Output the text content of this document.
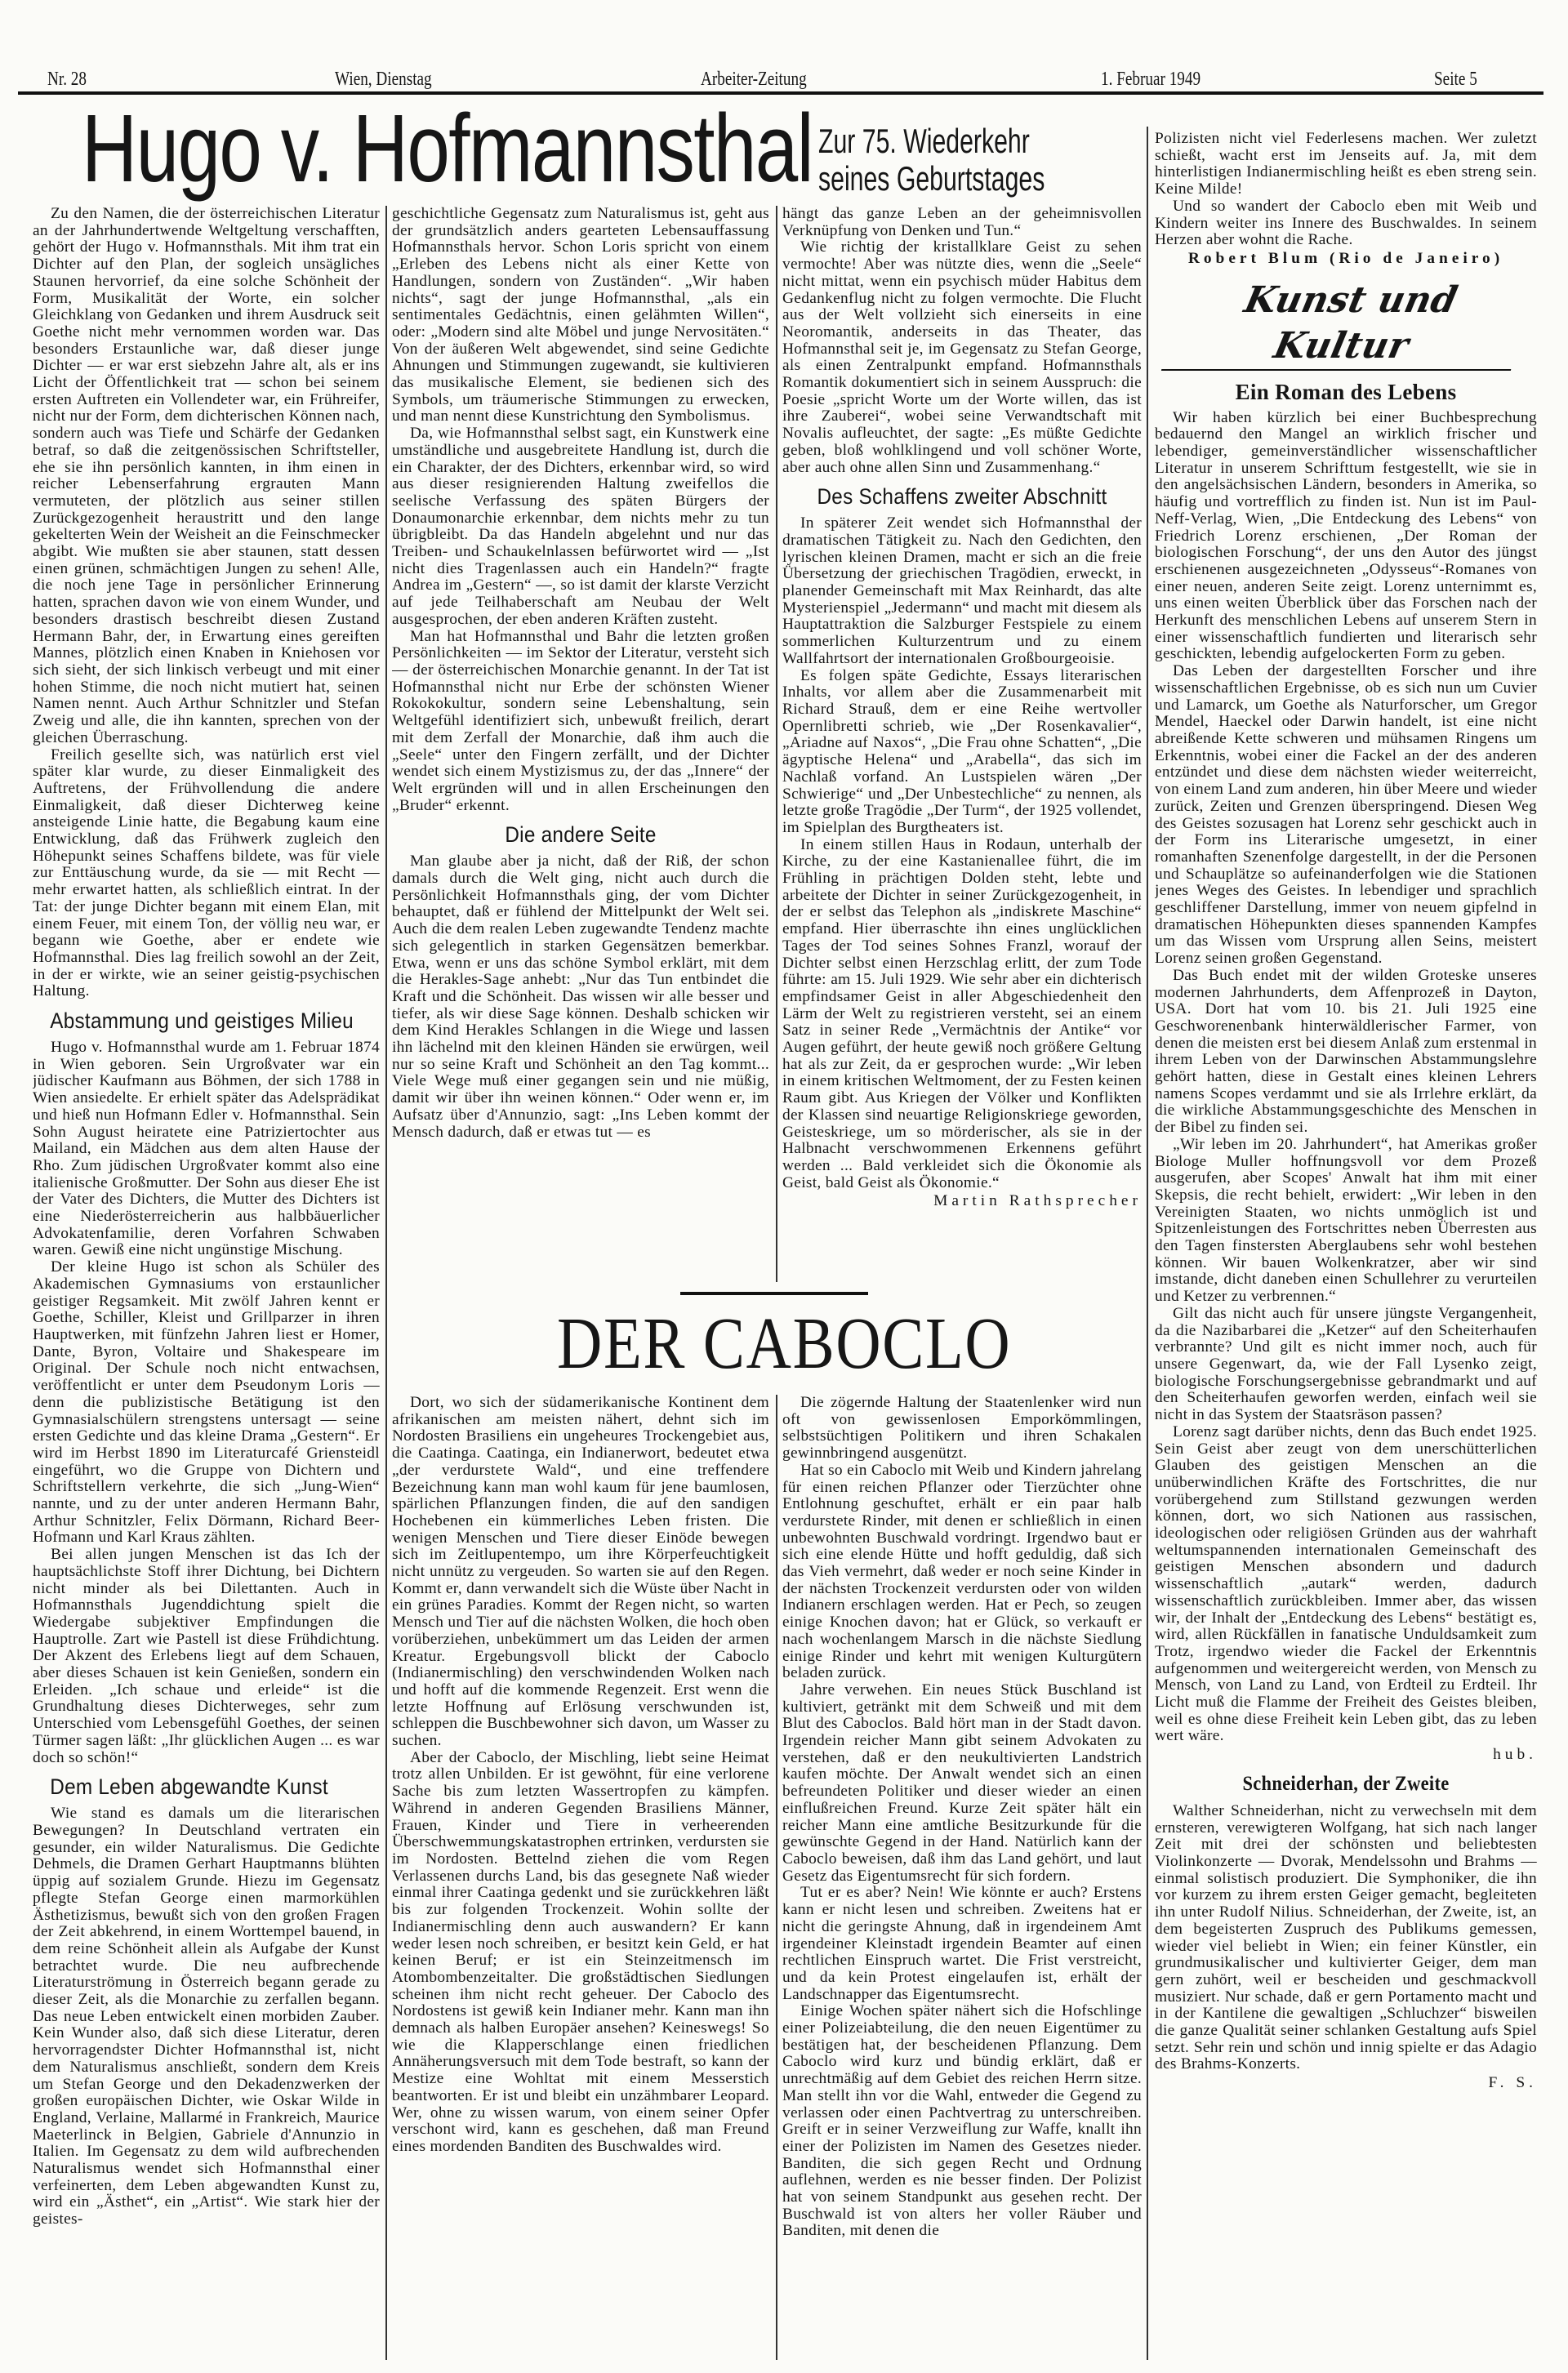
Nr. 28	Wien, Dienstag	Arbeiter-Zeitung	1. Februar 1949	Seite 5
Hugo v. Hofmannsthal Zur 75. Wiederkehr
seines Geburtstages

Zu den Namen, die der österreichischen Literatur an der Jahrhundertwende Weltgeltung verschafften, gehört der Hugo v. Hofmannsthals. Mit ihm trat ein Dichter auf den Plan, der sogleich unsägliches Staunen hervorrief, da eine solche Schönheit der Form, Musikalität der Worte, ein solcher Gleichklang von Gedanken und ihrem Ausdruck seit Goethe nicht mehr vernommen worden war. Das besonders Erstaunliche war, daß dieser junge Dichter — er war erst siebzehn Jahre alt, als er ins Licht der Öffentlichkeit trat — schon bei seinem ersten Auftreten ein Vollendeter war, ein Frühreifer, nicht nur der Form, dem dichterischen Können nach, sondern auch was Tiefe und Schärfe der Gedanken betraf, so daß die zeitgenössischen Schriftsteller, ehe sie ihn persönlich kannten, in ihm einen in reicher Lebenserfahrung ergrauten Mann vermuteten, der plötzlich aus seiner stillen Zurückgezogenheit heraustritt und den lange gekelterten Wein der Weisheit an die Feinschmecker abgibt. Wie mußten sie aber staunen, statt dessen einen grünen, schmächtigen Jungen zu sehen! Alle, die noch jene Tage in persönlicher Erinnerung hatten, sprachen davon wie von einem Wunder, und besonders drastisch beschreibt diesen Zustand Hermann Bahr, der, in Erwartung eines gereiften Mannes, plötzlich einen Knaben in Kniehosen vor sich sieht, der sich linkisch verbeugt und mit einer hohen Stimme, die noch nicht mutiert hat, seinen Namen nennt. Auch Arthur Schnitzler und Stefan Zweig und alle, die ihn kannten, sprechen von der gleichen Überraschung.

Freilich gesellte sich, was natürlich erst viel später klar wurde, zu dieser Einmaligkeit des Auftretens, der Frühvollendung die andere Einmaligkeit, daß dieser Dichterweg keine ansteigende Linie hatte, die Begabung kaum eine Entwicklung, daß das Frühwerk zugleich den Höhepunkt seines Schaffens bildete, was für viele zur Enttäuschung wurde, da sie — mit Recht — mehr erwartet hatten, als schließlich eintrat. In der Tat: der junge Dichter begann mit einem Elan, mit einem Feuer, mit einem Ton, der völlig neu war, er begann wie Goethe, aber er endete wie Hofmannsthal. Dies lag freilich sowohl an der Zeit, in der er wirkte, wie an seiner geistig-psychischen Haltung.

Abstammung und geistiges Milieu

Hugo v. Hofmannsthal wurde am 1. Februar 1874 in Wien geboren. Sein Urgroßvater war ein jüdischer Kaufmann aus Böhmen, der sich 1788 in Wien ansiedelte. Er erhielt später das Adelsprädikat und hieß nun Hofmann Edler v. Hofmannsthal. Sein Sohn August heiratete eine Patriziertochter aus Mailand, ein Mädchen aus dem alten Hause der Rho. Zum jüdischen Urgroßvater kommt also eine italienische Großmutter. Der Sohn aus dieser Ehe ist der Vater des Dichters, die Mutter des Dichters ist eine Niederösterreicherin aus halbbäuerlicher Advokatenfamilie, deren Vorfahren Schwaben waren. Gewiß eine nicht ungünstige Mischung.

Der kleine Hugo ist schon als Schüler des Akademischen Gymnasiums von erstaunlicher geistiger Regsamkeit. Mit zwölf Jahren kennt er Goethe, Schiller, Kleist und Grillparzer in ihren Hauptwerken, mit fünfzehn Jahren liest er Homer, Dante, Byron, Voltaire und Shakespeare im Original. Der Schule noch nicht entwachsen, veröffentlicht er unter dem Pseudonym Loris — denn die publizistische Betätigung ist den Gymnasialschülern strengstens untersagt — seine ersten Gedichte und das kleine Drama „Gestern“. Er wird im Herbst 1890 im Literaturcafé Griensteidl eingeführt, wo die Gruppe von Dichtern und Schriftstellern verkehrte, die sich „Jung-Wien“ nannte, und zu der unter anderen Hermann Bahr, Arthur Schnitzler, Felix Dörmann, Richard Beer-Hofmann und Karl Kraus zählten.

Bei allen jungen Menschen ist das Ich der hauptsächlichste Stoff ihrer Dichtung, bei Dichtern nicht minder als bei Dilettanten. Auch in Hofmannsthals Jugenddichtung spielt die Wiedergabe subjektiver Empfindungen die Hauptrolle. Zart wie Pastell ist diese Frühdichtung. Der Akzent des Erlebens liegt auf dem Schauen, aber dieses Schauen ist kein Genießen, sondern ein Erleiden. „Ich schaue und erleide“ ist die Grundhaltung dieses Dichterweges, sehr zum Unterschied vom Lebensgefühl Goethes, der seinen Türmer sagen läßt: „Ihr glücklichen Augen ... es war doch so schön!“

Dem Leben abgewandte Kunst

Wie stand es damals um die literarischen Bewegungen? In Deutschland vertraten ein gesunder, ein wilder Naturalismus. Die Gedichte Dehmels, die Dramen Gerhart Hauptmanns blühten üppig auf sozialem Grunde. Hiezu im Gegensatz pflegte Stefan George einen marmorkühlen Ästhetizismus, bewußt sich von den großen Fragen der Zeit abkehrend, in einem Worttempel bauend, in dem reine Schönheit allein als Aufgabe der Kunst betrachtet wurde. Die neu aufbrechende Literaturströmung in Österreich begann gerade zu dieser Zeit, als die Monarchie zu zerfallen begann. Das neue Leben entwickelt einen morbiden Zauber. Kein Wunder also, daß sich diese Literatur, deren hervorragendster Dichter Hofmannsthal ist, nicht dem Naturalismus anschließt, sondern dem Kreis um Stefan George und den Dekadenzwerken der großen europäischen Dichter, wie Oskar Wilde in England, Verlaine, Mallarmé in Frankreich, Maurice Maeterlinck in Belgien, Gabriele d'Annunzio in Italien. Im Gegensatz zu dem wild aufbrechenden Naturalismus wendet sich Hofmannsthal einer verfeinerten, dem Leben abgewandten Kunst zu, wird ein „Ästhet“, ein „Artist“. Wie stark hier der geistes-

geschichtliche Gegensatz zum Naturalismus ist, geht aus der grundsätzlich anders gearteten Lebensauffassung Hofmannsthals hervor. Schon Loris spricht von einem „Erleben des Lebens nicht als einer Kette von Handlungen, sondern von Zuständen“. „Wir haben nichts“, sagt der junge Hofmannsthal, „als ein sentimentales Gedächtnis, einen gelähmten Willen“, oder: „Modern sind alte Möbel und junge Nervositäten.“ Von der äußeren Welt abgewendet, sind seine Gedichte Ahnungen und Stimmungen zugewandt, sie kultivieren das musikalische Element, sie bedienen sich des Symbols, um träumerische Stimmungen zu erwecken, und man nennt diese Kunstrichtung den Symbolismus.

Da, wie Hofmannsthal selbst sagt, ein Kunstwerk eine umständliche und ausgebreitete Handlung ist, durch die ein Charakter, der des Dichters, erkennbar wird, so wird aus dieser resignierenden Haltung zweifellos die seelische Verfassung des späten Bürgers der Donaumonarchie erkennbar, dem nichts mehr zu tun übrigbleibt. Da das Handeln abgelehnt und nur das Treiben- und Schaukelnlassen befürwortet wird — „Ist nicht dies Tragenlassen auch ein Handeln?“ fragte Andrea im „Gestern“ —, so ist damit der klarste Verzicht auf jede Teilhaberschaft am Neubau der Welt ausgesprochen, der eben anderen Kräften zusteht.

Man hat Hofmannsthal und Bahr die letzten großen Persönlichkeiten — im Sektor der Literatur, versteht sich — der österreichischen Monarchie genannt. In der Tat ist Hofmannsthal nicht nur Erbe der schönsten Wiener Rokokokultur, sondern seine Lebenshaltung, sein Weltgefühl identifiziert sich, unbewußt freilich, derart mit dem Zerfall der Monarchie, daß ihm auch die „Seele“ unter den Fingern zerfällt, und der Dichter wendet sich einem Mystizismus zu, der das „Innere“ der Welt ergründen will und in allen Erscheinungen den „Bruder“ erkennt.

Die andere Seite

Man glaube aber ja nicht, daß der Riß, der schon damals durch die Welt ging, nicht auch durch die Persönlichkeit Hofmannsthals ging, der vom Dichter behauptet, daß er fühlend der Mittelpunkt der Welt sei. Auch die dem realen Leben zugewandte Tendenz machte sich gelegentlich in starken Gegensätzen bemerkbar. Etwa, wenn er uns das schöne Symbol erklärt, mit dem die Herakles-Sage anhebt: „Nur das Tun entbindet die Kraft und die Schönheit. Das wissen wir alle besser und tiefer, als wir diese Sage können. Deshalb schicken wir dem Kind Herakles Schlangen in die Wiege und lassen ihn lächelnd mit den kleinen Händen sie erwürgen, weil nur so seine Kraft und Schönheit an den Tag kommt... Viele Wege muß einer gegangen sein und nie müßig, damit wir über ihn weinen können.“ Oder wenn er, im Aufsatz über d'Annunzio, sagt: „Ins Leben kommt der Mensch dadurch, daß er etwas tut — es

hängt das ganze Leben an der geheimnisvollen Verknüpfung von Denken und Tun.“

Wie richtig der kristallklare Geist zu sehen vermochte! Aber was nützte dies, wenn die „Seele“ nicht mittat, wenn ein psychisch müder Habitus dem Gedankenflug nicht zu folgen vermochte. Die Flucht aus der Welt vollzieht sich einerseits in eine Neoromantik, anderseits in das Theater, das Hofmannsthal seit je, im Gegensatz zu Stefan George, als einen Zentralpunkt empfand. Hofmannsthals Romantik dokumentiert sich in seinem Ausspruch: die Poesie „spricht Worte um der Worte willen, das ist ihre Zauberei“, wobei seine Verwandtschaft mit Novalis aufleuchtet, der sagte: „Es müßte Gedichte geben, bloß wohlklingend und voll schöner Worte, aber auch ohne allen Sinn und Zusammenhang.“

Des Schaffens zweiter Abschnitt

In späterer Zeit wendet sich Hofmannsthal der dramatischen Tätigkeit zu. Nach den Gedichten, den lyrischen kleinen Dramen, macht er sich an die freie Übersetzung der griechischen Tragödien, erweckt, in planender Gemeinschaft mit Max Reinhardt, das alte Mysterienspiel „Jedermann“ und macht mit diesem als Hauptattraktion die Salzburger Festspiele zu einem sommerlichen Kulturzentrum und zu einem Wallfahrtsort der internationalen Großbourgeoisie.

Es folgen späte Gedichte, Essays literarischen Inhalts, vor allem aber die Zusammenarbeit mit Richard Strauß, dem er eine Reihe wertvoller Opernlibretti schrieb, wie „Der Rosenkavalier“, „Ariadne auf Naxos“, „Die Frau ohne Schatten“, „Die ägyptische Helena“ und „Arabella“, das sich im Nachlaß vorfand. An Lustspielen wären „Der Schwierige“ und „Der Unbestechliche“ zu nennen, als letzte große Tragödie „Der Turm“, der 1925 vollendet, im Spielplan des Burgtheaters ist.

In einem stillen Haus in Rodaun, unterhalb der Kirche, zu der eine Kastanienallee führt, die im Frühling in prächtigen Dolden steht, lebte und arbeitete der Dichter in seiner Zurückgezogenheit, in der er selbst das Telephon als „indiskrete Maschine“ empfand. Hier überraschte ihn eines unglücklichen Tages der Tod seines Sohnes Franzl, worauf der Dichter selbst einen Herzschlag erlitt, der zum Tode führte: am 15. Juli 1929. Wie sehr aber ein dichterisch empfindsamer Geist in aller Abgeschiedenheit den Lärm der Welt zu registrieren versteht, sei an einem Satz in seiner Rede „Vermächtnis der Antike“ vor Augen geführt, der heute gewiß noch größere Geltung hat als zur Zeit, da er gesprochen wurde: „Wir leben in einem kritischen Weltmoment, der zu Festen keinen Raum gibt. Aus Kriegen der Völker und Konflikten der Klassen sind neuartige Religionskriege geworden, Geisteskriege, um so mörderischer, als sie in der Halbnacht verschwommenen Erkennens geführt werden ... Bald verkleidet sich die Ökonomie als Geist, bald Geist als Ökonomie.“

Martin Rathsprecher
DER CABOCLO

Dort, wo sich der südamerikanische Kontinent dem afrikanischen am meisten nähert, dehnt sich im Nordosten Brasiliens ein ungeheures Trockengebiet aus, die Caatinga. Caatinga, ein Indianerwort, bedeutet etwa „der verdurstete Wald“, und eine treffendere Bezeichnung kann man wohl kaum für jene baumlosen, spärlichen Pflanzungen finden, die auf den sandigen Hochebenen ein kümmerliches Leben fristen. Die wenigen Menschen und Tiere dieser Einöde bewegen sich im Zeitlupentempo, um ihre Körperfeuchtigkeit nicht unnütz zu vergeuden. So warten sie auf den Regen. Kommt er, dann verwandelt sich die Wüste über Nacht in ein grünes Paradies. Kommt der Regen nicht, so warten Mensch und Tier auf die nächsten Wolken, die hoch oben vorüberziehen, unbekümmert um das Leiden der armen Kreatur. Ergebungsvoll blickt der Caboclo (Indianermischling) den verschwindenden Wolken nach und hofft auf die kommende Regenzeit. Erst wenn die letzte Hoffnung auf Erlösung verschwunden ist, schleppen die Buschbewohner sich davon, um Wasser zu suchen.

Aber der Caboclo, der Mischling, liebt seine Heimat trotz allen Unbilden. Er ist gewöhnt, für eine verlorene Sache bis zum letzten Wassertropfen zu kämpfen. Während in anderen Gegenden Brasiliens Männer, Frauen, Kinder und Tiere in verheerenden Überschwemmungskatastrophen ertrinken, verdursten sie im Nordosten. Bettelnd ziehen die vom Regen Verlassenen durchs Land, bis das gesegnete Naß wieder einmal ihrer Caatinga gedenkt und sie zurückkehren läßt bis zur folgenden Trockenzeit. Wohin sollte der Indianermischling denn auch auswandern? Er kann weder lesen noch schreiben, er besitzt kein Geld, er hat keinen Beruf; er ist ein Steinzeitmensch im Atombombenzeitalter. Die großstädtischen Siedlungen scheinen ihm nicht recht geheuer. Der Caboclo des Nordostens ist gewiß kein Indianer mehr. Kann man ihn demnach als halben Europäer ansehen? Keineswegs! So wie die Klapperschlange einen friedlichen Annäherungsversuch mit dem Tode bestraft, so kann der Mestize eine Wohltat mit einem Messerstich beantworten. Er ist und bleibt ein unzähmbarer Leopard. Wer, ohne zu wissen warum, von einem seiner Opfer verschont wird, kann es geschehen, daß man Freund eines mordenden Banditen des Buschwaldes wird.

Die zögernde Haltung der Staatenlenker wird nun oft von gewissenlosen Emporkömmlingen, selbstsüchtigen Politikern und ihren Schakalen gewinnbringend ausgenützt.

Hat so ein Caboclo mit Weib und Kindern jahrelang für einen reichen Pflanzer oder Tierzüchter ohne Entlohnung geschuftet, erhält er ein paar halb verdurstete Rinder, mit denen er schließlich in einen unbewohnten Buschwald vordringt. Irgendwo baut er sich eine elende Hütte und hofft geduldig, daß sich das Vieh vermehrt, daß weder er noch seine Kinder in der nächsten Trockenzeit verdursten oder von wilden Indianern erschlagen werden. Hat er Pech, so zeugen einige Knochen davon; hat er Glück, so verkauft er nach wochenlangem Marsch in die nächste Siedlung einige Rinder und kehrt mit wenigen Kulturgütern beladen zurück.

Jahre verwehen. Ein neues Stück Buschland ist kultiviert, getränkt mit dem Schweiß und mit dem Blut des Caboclos. Bald hört man in der Stadt davon. Irgendein reicher Mann gibt seinem Advokaten zu verstehen, daß er den neukultivierten Landstrich kaufen möchte. Der Anwalt wendet sich an einen befreundeten Politiker und dieser wieder an einen einflußreichen Freund. Kurze Zeit später hält ein reicher Mann eine amtliche Besitzurkunde für die gewünschte Gegend in der Hand. Natürlich kann der Caboclo beweisen, daß ihm das Land gehört, und laut Gesetz das Eigentumsrecht für sich fordern.

Tut er es aber? Nein! Wie könnte er auch? Erstens kann er nicht lesen und schreiben. Zweitens hat er nicht die geringste Ahnung, daß in irgendeinem Amt irgendeiner Kleinstadt irgendein Beamter auf einen rechtlichen Einspruch wartet. Die Frist verstreicht, und da kein Protest eingelaufen ist, erhält der Landschnapper das Eigentumsrecht.

Einige Wochen später nähert sich die Hofschlinge einer Polizeiabteilung, die den neuen Eigentümer zu bestätigen hat, der bescheidenen Pflanzung. Dem Caboclo wird kurz und bündig erklärt, daß er unrechtmäßig auf dem Gebiet des reichen Herrn sitze. Man stellt ihn vor die Wahl, entweder die Gegend zu verlassen oder einen Pachtvertrag zu unterschreiben. Greift er in seiner Verzweiflung zur Waffe, knallt ihn einer der Polizisten im Namen des Gesetzes nieder. Banditen, die sich gegen Recht und Ordnung auflehnen, werden es nie besser finden. Der Polizist hat von seinem Standpunkt aus gesehen recht. Der Buschwald ist von alters her voller Räuber und Banditen, mit denen die

Polizisten nicht viel Federlesens machen. Wer zuletzt schießt, wacht erst im Jenseits auf. Ja, mit dem hinterlistigen Indianermischling heißt es eben streng sein. Keine Milde!

Und so wandert der Caboclo eben mit Weib und Kindern weiter ins Innere des Buschwaldes. In seinem Herzen aber wohnt die Rache.

Robert Blum (Rio de Janeiro)
Kunst und Kultur
Ein Roman des Lebens

Wir haben kürzlich bei einer Buchbesprechung bedauernd den Mangel an wirklich frischer und lebendiger, gemeinverständlicher wissenschaftlicher Literatur in unserem Schrifttum festgestellt, wie sie in den angelsächsischen Ländern, besonders in Amerika, so häufig und vortrefflich zu finden ist. Nun ist im Paul-Neff-Verlag, Wien, „Die Entdeckung des Lebens“ von Friedrich Lorenz erschienen, „Der Roman der biologischen Forschung“, der uns den Autor des jüngst erschienenen ausgezeichneten „Odysseus“-Romanes von einer neuen, anderen Seite zeigt. Lorenz unternimmt es, uns einen weiten Überblick über das Forschen nach der Herkunft des menschlichen Lebens auf unserem Stern in einer wissenschaftlich fundierten und literarisch sehr geschickten, lebendig aufgelockerten Form zu geben.

Das Leben der dargestellten Forscher und ihre wissenschaftlichen Ergebnisse, ob es sich nun um Cuvier und Lamarck, um Goethe als Naturforscher, um Gregor Mendel, Haeckel oder Darwin handelt, ist eine nicht abreißende Kette schweren und mühsamen Ringens um Erkenntnis, wobei einer die Fackel an der des anderen entzündet und diese dem nächsten wieder weiterreicht, von einem Land zum anderen, hin über Meere und wieder zurück, Zeiten und Grenzen überspringend. Diesen Weg des Geistes sozusagen hat Lorenz sehr geschickt auch in der Form ins Literarische umgesetzt, in einer romanhaften Szenenfolge dargestellt, in der die Personen und Schauplätze so aufeinanderfolgen wie die Stationen jenes Weges des Geistes. In lebendiger und sprachlich geschliffener Darstellung, immer von neuem gipfelnd in dramatischen Höhepunkten dieses spannenden Kampfes um das Wissen vom Ursprung allen Seins, meistert Lorenz seinen großen Gegenstand.

Das Buch endet mit der wilden Groteske unseres modernen Jahrhunderts, dem Affenprozeß in Dayton, USA. Dort hat vom 10. bis 21. Juli 1925 eine Geschworenenbank hinterwäldlerischer Farmer, von denen die meisten erst bei diesem Anlaß zum erstenmal in ihrem Leben von der Darwinschen Abstammungslehre gehört hatten, diese in Gestalt eines kleinen Lehrers namens Scopes verdammt und sie als Irrlehre erklärt, da die wirkliche Abstammungsgeschichte des Menschen in der Bibel zu finden sei.

„Wir leben im 20. Jahrhundert“, hat Amerikas großer Biologe Muller hoffnungsvoll vor dem Prozeß ausgerufen, aber Scopes' Anwalt hat ihm mit einer Skepsis, die recht behielt, erwidert: „Wir leben in den Vereinigten Staaten, wo nichts unmöglich ist und Spitzenleistungen des Fortschrittes neben Überresten aus den Tagen finstersten Aberglaubens sehr wohl bestehen können. Wir bauen Wolkenkratzer, aber wir sind imstande, dicht daneben einen Schullehrer zu verurteilen und Ketzer zu verbrennen.“

Gilt das nicht auch für unsere jüngste Vergangenheit, da die Nazibarbarei die „Ketzer“ auf den Scheiterhaufen verbrannte? Und gilt es nicht immer noch, auch für unsere Gegenwart, da, wie der Fall Lysenko zeigt, biologische Forschungsergebnisse gebrandmarkt und auf den Scheiterhaufen geworfen werden, einfach weil sie nicht in das System der Staatsräson passen?

Lorenz sagt darüber nichts, denn das Buch endet 1925. Sein Geist aber zeugt von dem unerschütterlichen Glauben des geistigen Menschen an die unüberwindlichen Kräfte des Fortschrittes, die nur vorübergehend zum Stillstand gezwungen werden können, dort, wo sich Nationen aus rassischen, ideologischen oder religiösen Gründen aus der wahrhaft weltumspannenden internationalen Gemeinschaft des geistigen Menschen absondern und dadurch wissenschaftlich „autark“ werden, dadurch wissenschaftlich zurückbleiben. Immer aber, das wissen wir, der Inhalt der „Entdeckung des Lebens“ bestätigt es, wird, allen Rückfällen in fanatische Unduldsamkeit zum Trotz, irgendwo wieder die Fackel der Erkenntnis aufgenommen und weitergereicht werden, von Mensch zu Mensch, von Land zu Land, von Erdteil zu Erdteil. Ihr Licht muß die Flamme der Freiheit des Geistes bleiben, weil es ohne diese Freiheit kein Leben gibt, das zu leben wert wäre.

hub.
Schneiderhan, der Zweite

Walther Schneiderhan, nicht zu verwechseln mit dem ernsteren, verewigteren Wolfgang, hat sich nach langer Zeit mit drei der schönsten und beliebtesten Violinkonzerte — Dvorak, Mendelssohn und Brahms — einmal solistisch produziert. Die Symphoniker, die ihn vor kurzem zu ihrem ersten Geiger gemacht, begleiteten ihn unter Rudolf Nilius. Schneiderhan, der Zweite, ist, an dem begeisterten Zuspruch des Publikums gemessen, wieder viel beliebt in Wien; ein feiner Künstler, ein grundmusikalischer und kultivierter Geiger, dem man gern zuhört, weil er bescheiden und geschmackvoll musiziert. Nur schade, daß er gern Portamento macht und in der Kantilene die gewaltigen „Schluchzer“ bisweilen die ganze Qualität seiner schlanken Gestaltung aufs Spiel setzt. Sehr rein und schön und innig spielte er das Adagio des Brahms-Konzerts.

F. S.
